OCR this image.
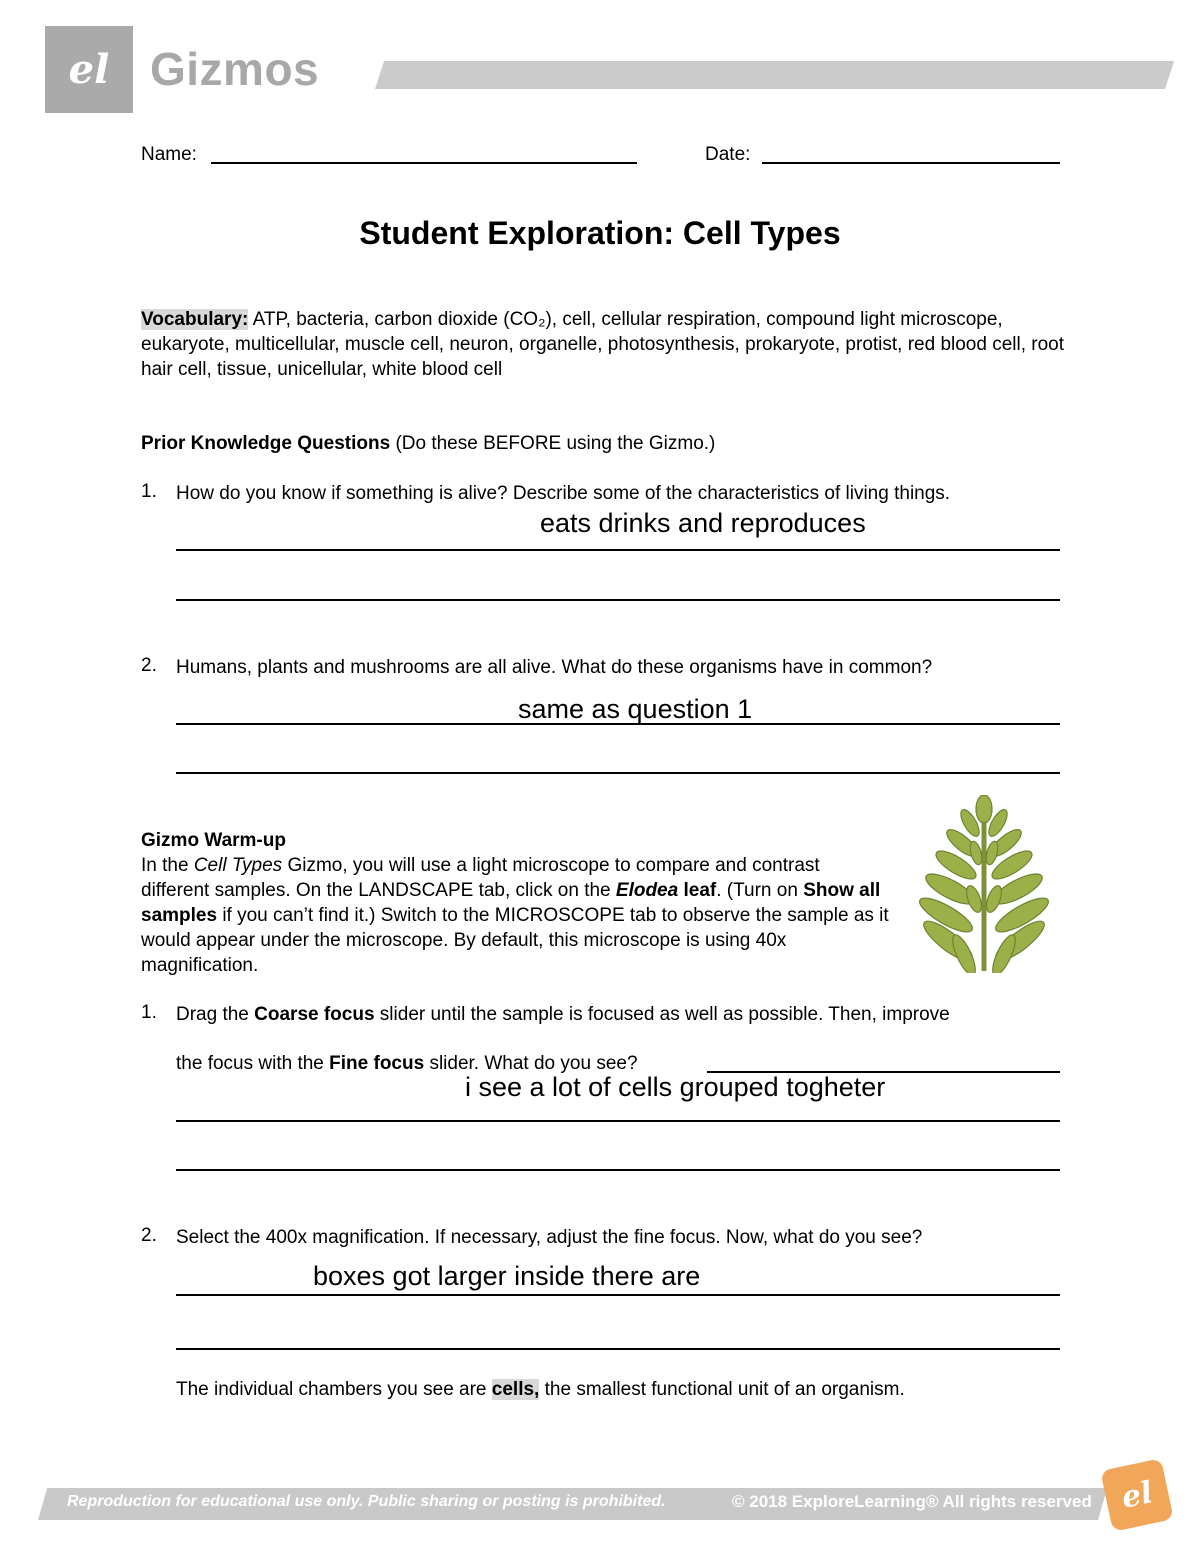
el Gizmos
Name:	Date:
Student Exploration: Cell Types
Vocabulary: ATP, bacteria, carbon dioxide (CO₂), cell, cellular respiration, compound light microscope, eukaryote, multicellular, muscle cell, neuron, organelle, photosynthesis, prokaryote, protist, red blood cell, root hair cell, tissue, unicellular, white blood cell
Prior Knowledge Questions (Do these BEFORE using the Gizmo.)
1. How do you know if something is alive? Describe some of the characteristics of living things.
eats drinks and reproduces
2. Humans, plants and mushrooms are all alive. What do these organisms have in common?
same as question 1
Gizmo Warm-up
In the Cell Types Gizmo, you will use a light microscope to compare and contrast different samples. On the LANDSCAPE tab, click on the Elodea leaf. (Turn on Show all samples if you can’t find it.) Switch to the MICROSCOPE tab to observe the sample as it would appear under the microscope. By default, this microscope is using 40x magnification.
1. Drag the Coarse focus slider until the sample is focused as well as possible. Then, improve
the focus with the Fine focus slider. What do you see?
i see a lot of cells grouped togheter
2. Select the 400x magnification. If necessary, adjust the fine focus. Now, what do you see?
boxes got larger inside there are
The individual chambers you see are cells, the smallest functional unit of an organism.
Reproduction for educational use only. Public sharing or posting is prohibited.	© 2018 ExploreLearning® All rights reserved el
